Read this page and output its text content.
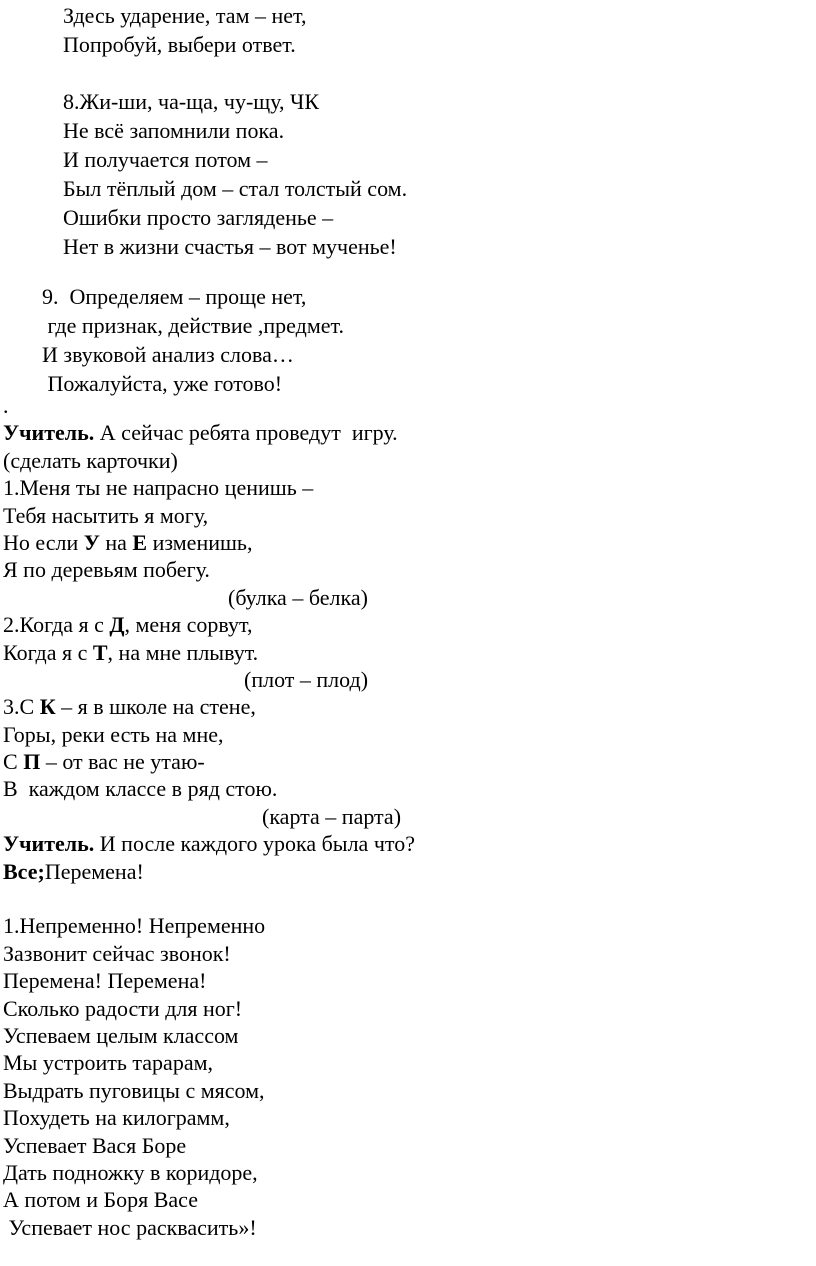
Здесь ударение, там – нет,
Попробуй, выбери ответ.
8.Жи-ши, ча-ща, чу-щу, ЧК
Не всё запомнили пока.
И получается потом –
Был тёплый дом – стал толстый сом.
Ошибки просто загляденье –
Нет в жизни счастья – вот мученье!
9.  Определяем – проще нет,
где признак, действие ,предмет.
И звуковой анализ слова…
Пожалуйста, уже готово!
.
Учитель. А сейчас ребята проведут  игру.
(сделать карточки)
1.Меня ты не напрасно ценишь –
Тебя насытить я могу,
Но если У на Е изменишь,
Я по деревьям побегу.
(булка – белка)
2.Когда я с Д, меня сорвут,
Когда я с Т, на мне плывут.
(плот – плод)
3.С К – я в школе на стене,
Горы, реки есть на мне,
С П – от вас не утаю-
В  каждом классе в ряд стою.
(карта – парта)
Учитель. И после каждого урока была что?
Все;Перемена!
1.Непременно! Непременно
Зазвонит сейчас звонок!
Перемена! Перемена!
Сколько радости для ног!
Успеваем целым классом
Мы устроить тарарам,
Выдрать пуговицы с мясом,
Похудеть на килограмм,
Успевает Вася Боре
Дать подножку в коридоре,
А потом и Боря Васе
Успевает нос расквасить»!
